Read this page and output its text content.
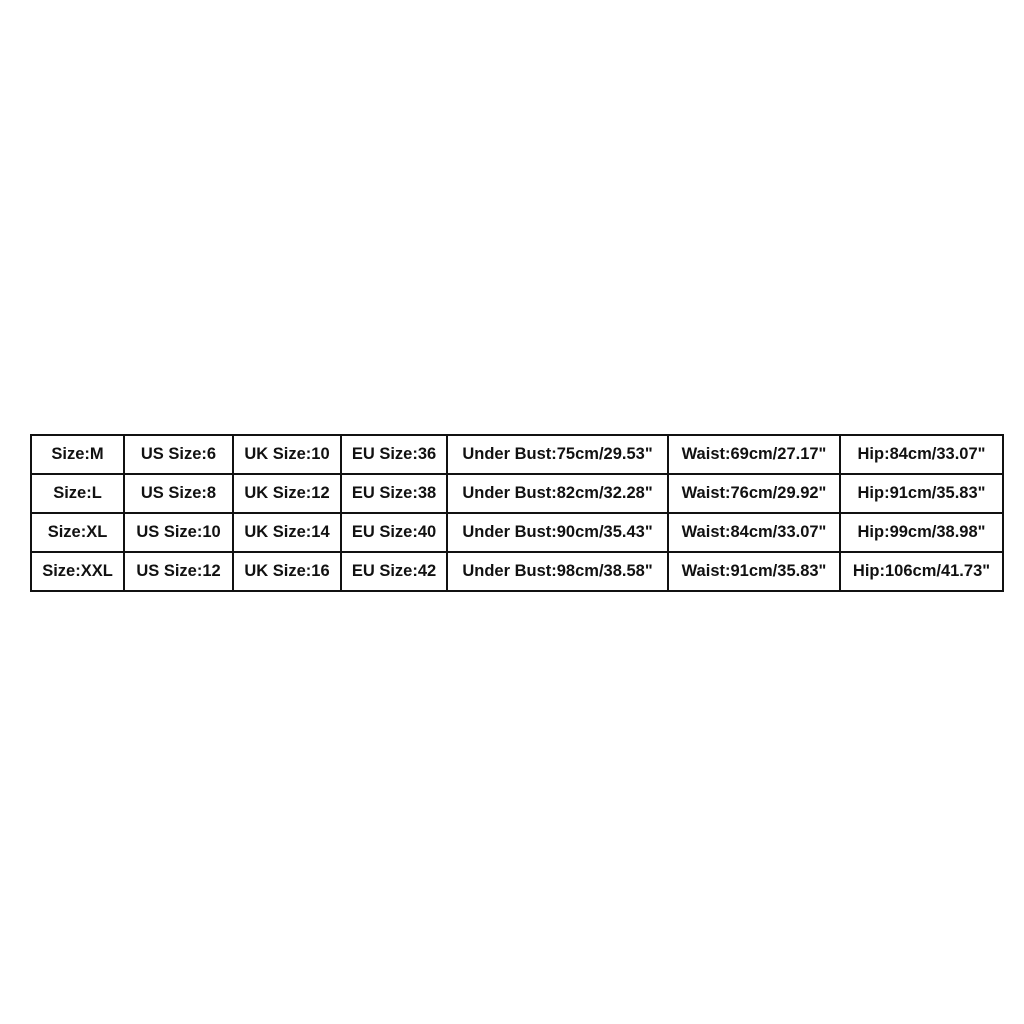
Size:M	US Size:6	UK Size:10	EU Size:36	Under Bust:75cm/29.53"	Waist:69cm/27.17"	Hip:84cm/33.07"
Size:L	US Size:8	UK Size:12	EU Size:38	Under Bust:82cm/32.28"	Waist:76cm/29.92"	Hip:91cm/35.83"
Size:XL	US Size:10	UK Size:14	EU Size:40	Under Bust:90cm/35.43"	Waist:84cm/33.07"	Hip:99cm/38.98"
Size:XXL	US Size:12	UK Size:16	EU Size:42	Under Bust:98cm/38.58"	Waist:91cm/35.83"	Hip:106cm/41.73"
